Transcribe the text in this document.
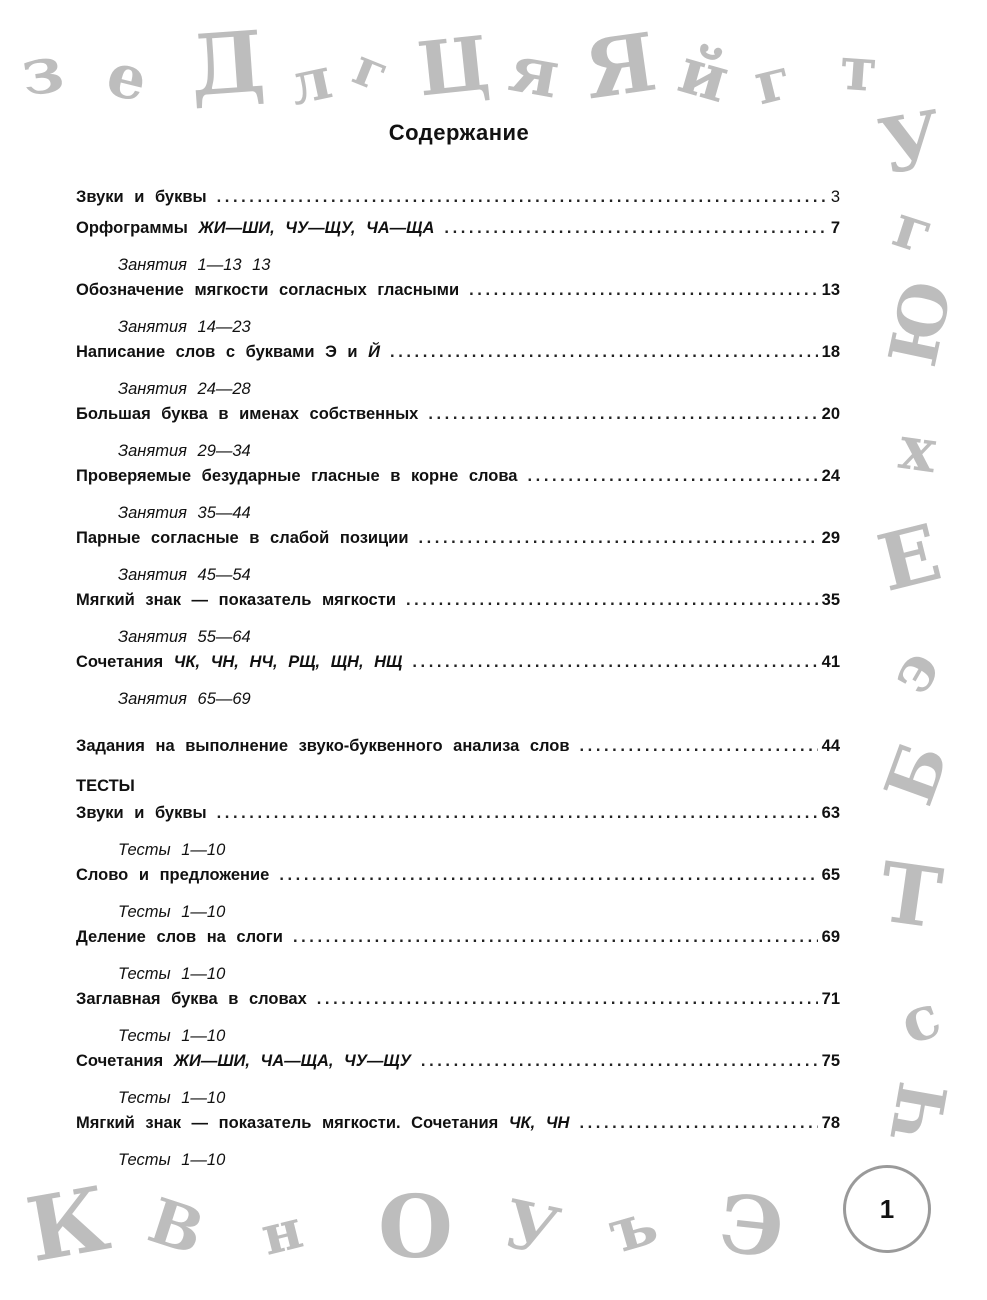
з е Д л г Ц я Я й г т
У
г
Ю
х
Е
э
Б
Т
с
Ч
К В н О У ъ Э
Содержание
Звуки и буквы . . .	3
Орфограммы ЖИ—ШИ, ЧУ—ЩУ, ЧА—ЩА . . .	7
Занятия 1—13 13
Обозначение мягкости согласных гласными . . .	13
Занятия 14—23
Написание слов с буквами Э и Й . . .	18
Занятия 24—28
Большая буква в именах собственных . . .	20
Занятия 29—34
Проверяемые безударные гласные в корне слова . . .	24
Занятия 35—44
Парные согласные в слабой позиции . . .	29
Занятия 45—54
Мягкий знак — показатель мягкости . . .	35
Занятия 55—64
Сочетания ЧК, ЧН, НЧ, РЩ, ЩН, НЩ . . .	41
Занятия 65—69
Задания на выполнение звуко-буквенного анализа слов . . .	44
ТЕСТЫ
Звуки и буквы . . .	63
Тесты 1—10
Слово и предложение . . .	65
Тесты 1—10
Деление слов на слоги . . .	69
Тесты 1—10
Заглавная буква в словах . . .	71
Тесты 1—10
Сочетания ЖИ—ШИ, ЧА—ЩА, ЧУ—ЩУ . . .	75
Тесты 1—10
Мягкий знак — показатель мягкости. Сочетания ЧК, ЧН . . .	78
Тесты 1—10
1
